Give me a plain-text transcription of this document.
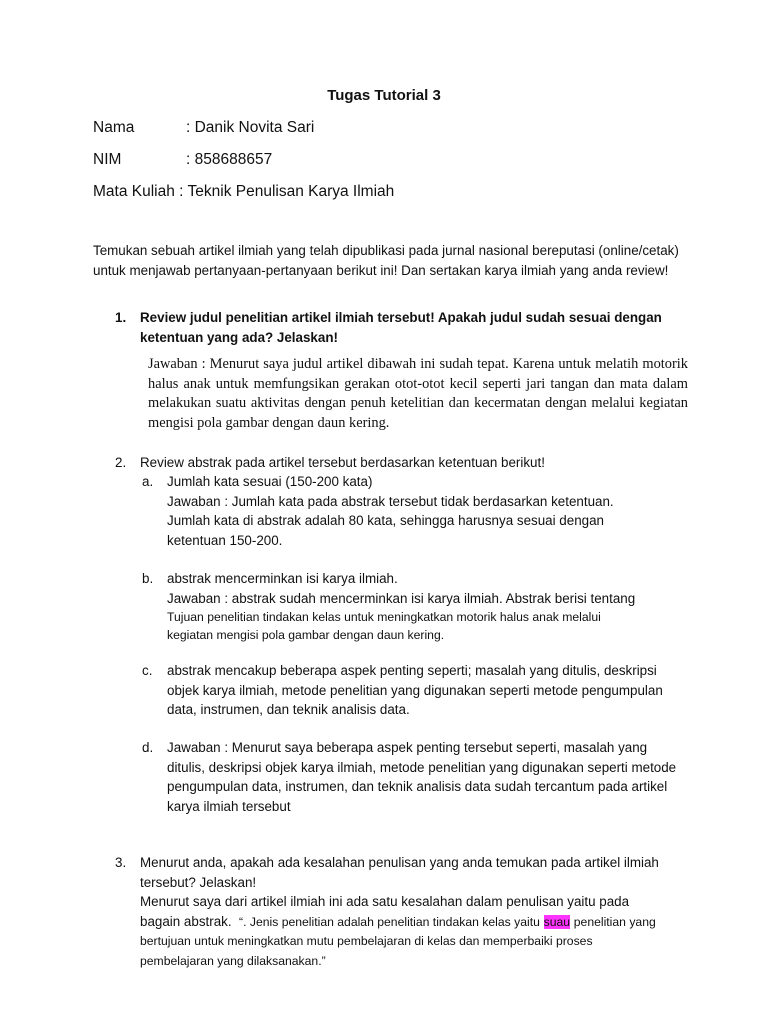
Tugas Tutorial 3
Nama	: Danik Novita Sari
NIM	: 858688657
Mata Kuliah : Teknik Penulisan Karya Ilmiah
Temukan sebuah artikel ilmiah yang telah dipublikasi pada jurnal nasional bereputasi (online/cetak) untuk menjawab pertanyaan-pertanyaan berikut ini! Dan sertakan karya ilmiah yang anda review!
1. Review judul penelitian artikel ilmiah tersebut! Apakah judul sudah sesuai dengan ketentuan yang ada? Jelaskan!
Jawaban : Menurut saya judul artikel dibawah ini sudah tepat. Karena untuk melatih motorik halus anak untuk memfungsikan gerakan otot-otot kecil seperti jari tangan dan mata dalam melakukan suatu aktivitas dengan penuh ketelitian dan kecermatan dengan melalui kegiatan mengisi pola gambar dengan daun kering.
2. Review abstrak pada artikel tersebut berdasarkan ketentuan berikut!
a. Jumlah kata sesuai (150-200 kata)
Jawaban : Jumlah kata pada abstrak tersebut tidak berdasarkan ketentuan. Jumlah kata di abstrak adalah 80 kata, sehingga harusnya sesuai dengan ketentuan 150-200.
b. abstrak mencerminkan isi karya ilmiah.
Jawaban : abstrak sudah mencerminkan isi karya ilmiah. Abstrak berisi tentang
Tujuan penelitian tindakan kelas untuk meningkatkan motorik halus anak melalui kegiatan mengisi pola gambar dengan daun kering.
c. abstrak mencakup beberapa aspek penting seperti; masalah yang ditulis, deskripsi objek karya ilmiah, metode penelitian yang digunakan seperti metode pengumpulan data, instrumen, dan teknik analisis data.
d. Jawaban : Menurut saya beberapa aspek penting tersebut seperti, masalah yang ditulis, deskripsi objek karya ilmiah, metode penelitian yang digunakan seperti metode pengumpulan data, instrumen, dan teknik analisis data sudah tercantum pada artikel karya ilmiah tersebut
3. Menurut anda, apakah ada kesalahan penulisan yang anda temukan pada artikel ilmiah tersebut? Jelaskan!
Menurut saya dari artikel ilmiah ini ada satu kesalahan dalam penulisan yaitu pada bagain abstrak. “. Jenis penelitian adalah penelitian tindakan kelas yaitu suau penelitian yang bertujuan untuk meningkatkan mutu pembelajaran di kelas dan memperbaiki proses pembelajaran yang dilaksanakan.”
